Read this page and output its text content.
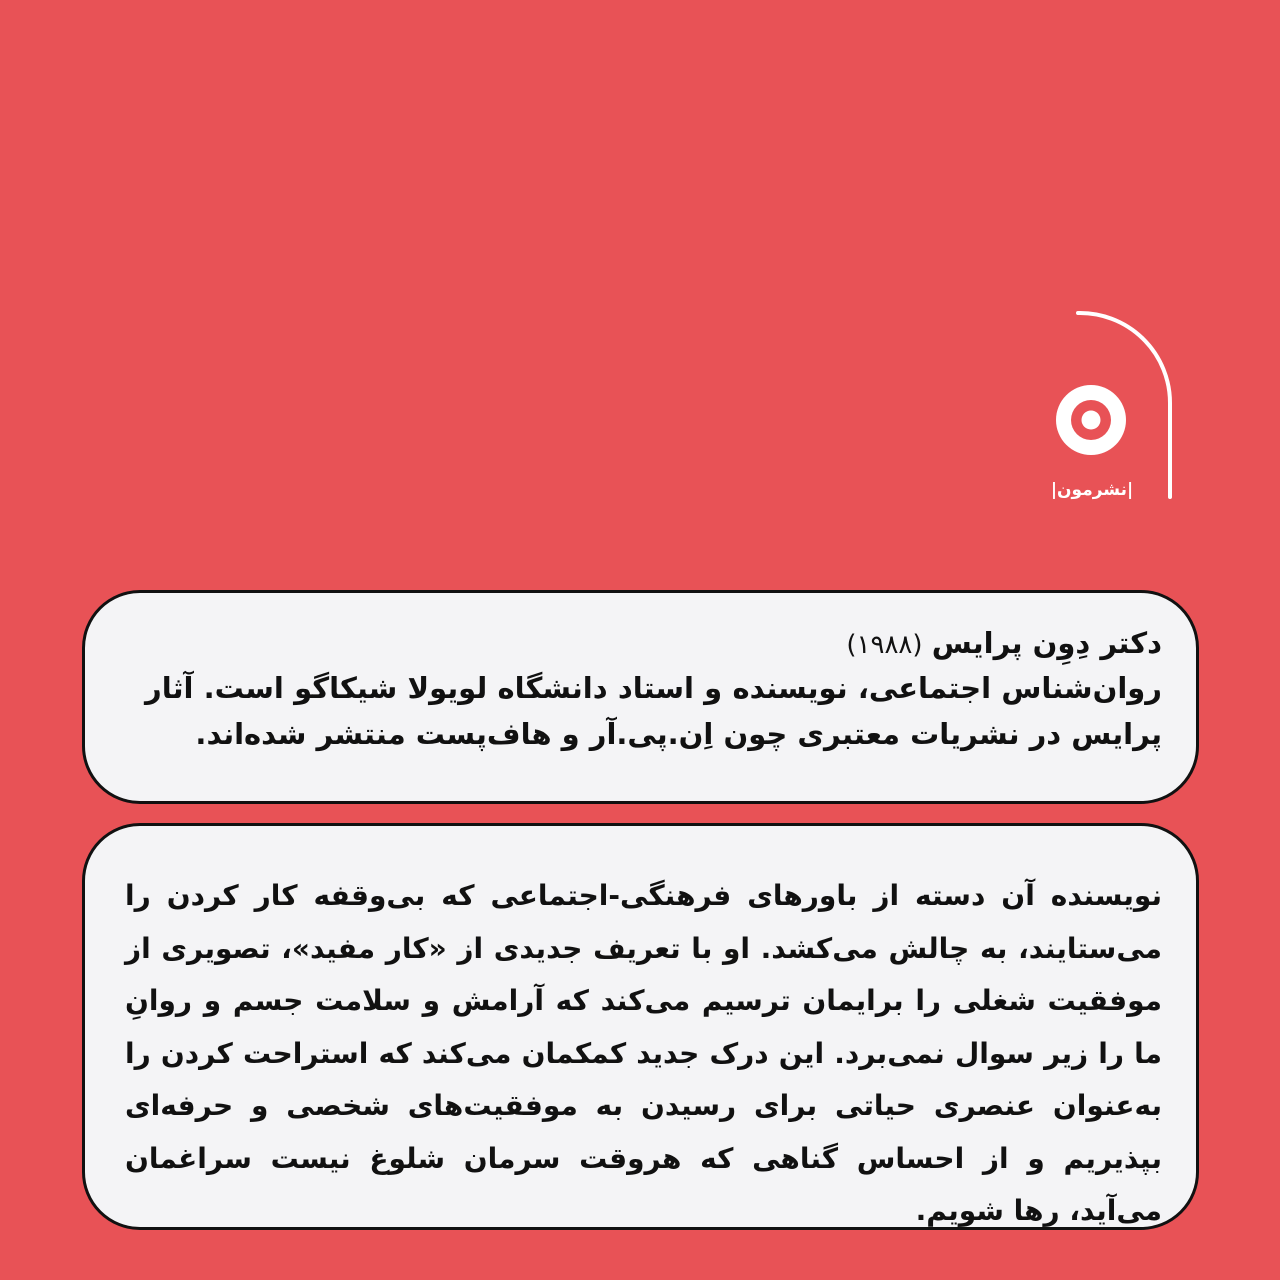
|نشرمون|

دکتر دِوِن پرایس (۱۹۸۸)

روان‌شناس اجتماعی، نویسنده و استاد دانشگاه لویولا شیکاگو است. آثار پرایس در نشریات معتبری چون اِن.پی.آر و هاف‌پست منتشر شده‌اند.

نویسنده آن دسته از باورهای فرهنگی-اجتماعی که بی‌وقفه کار کردن را می‌ستایند، به چالش می‌کشد. او با تعریف جدیدی از «کار مفید»، تصویری از موفقیت شغلی را برایمان ترسیم می‌کند که آرامش و سلامت جسم و روانِ ما را زیر سوال نمی‌برد. این درک جدید کمکمان می‌کند که استراحت کردن را به‌عنوان عنصری حیاتی برای رسیدن به موفقیت‌های شخصی و حرفه‌ای بپذیریم و از احساس گناهی که هروقت سرمان شلوغ نیست سراغمان می‌آید، رها شویم.
